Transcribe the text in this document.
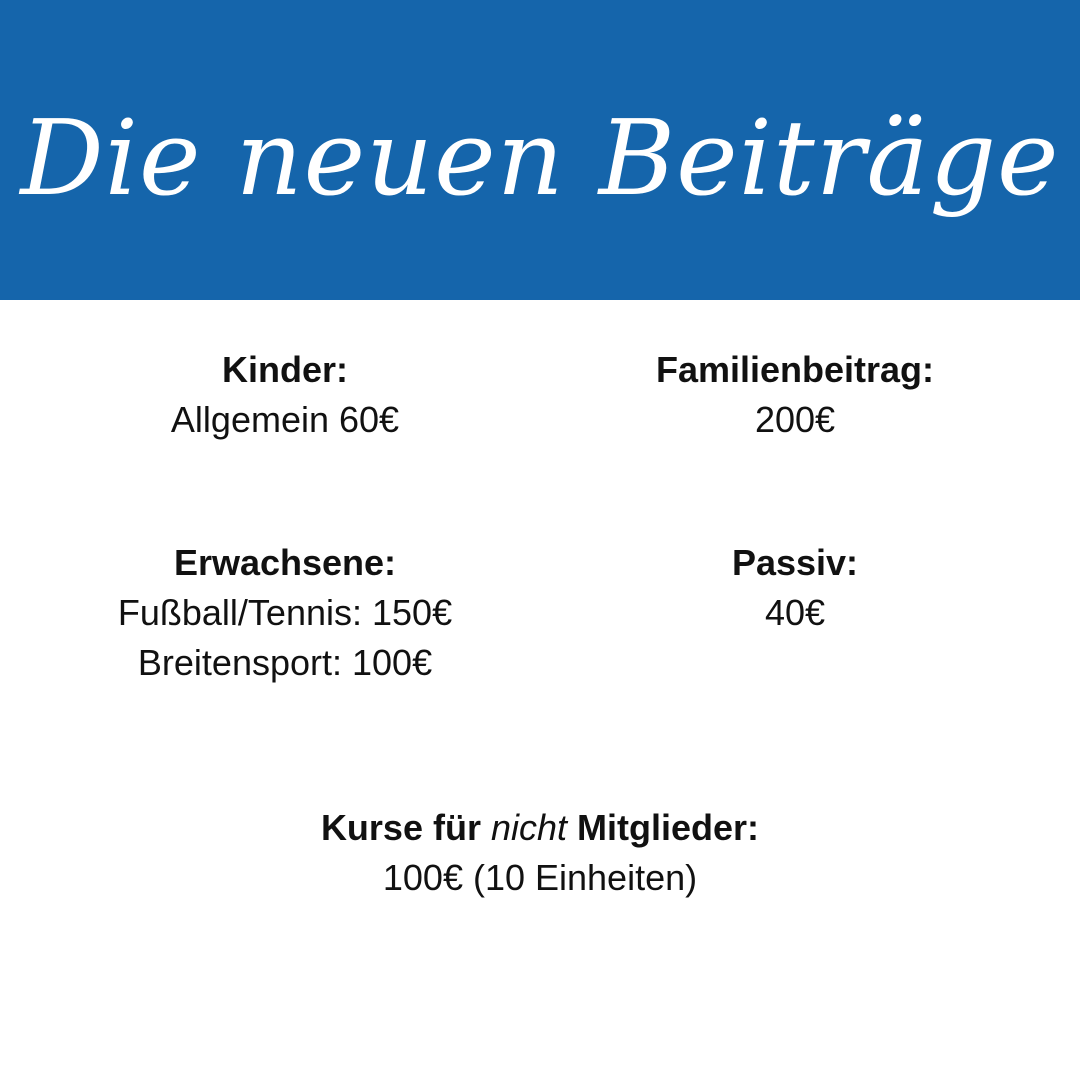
Die neuen Beiträge
Kinder:
Allgemein 60€
Familienbeitrag:
200€
Erwachsene:
Fußball/Tennis: 150€
Breitensport: 100€
Passiv:
40€
Kurse für nicht Mitglieder:
100€ (10 Einheiten)
